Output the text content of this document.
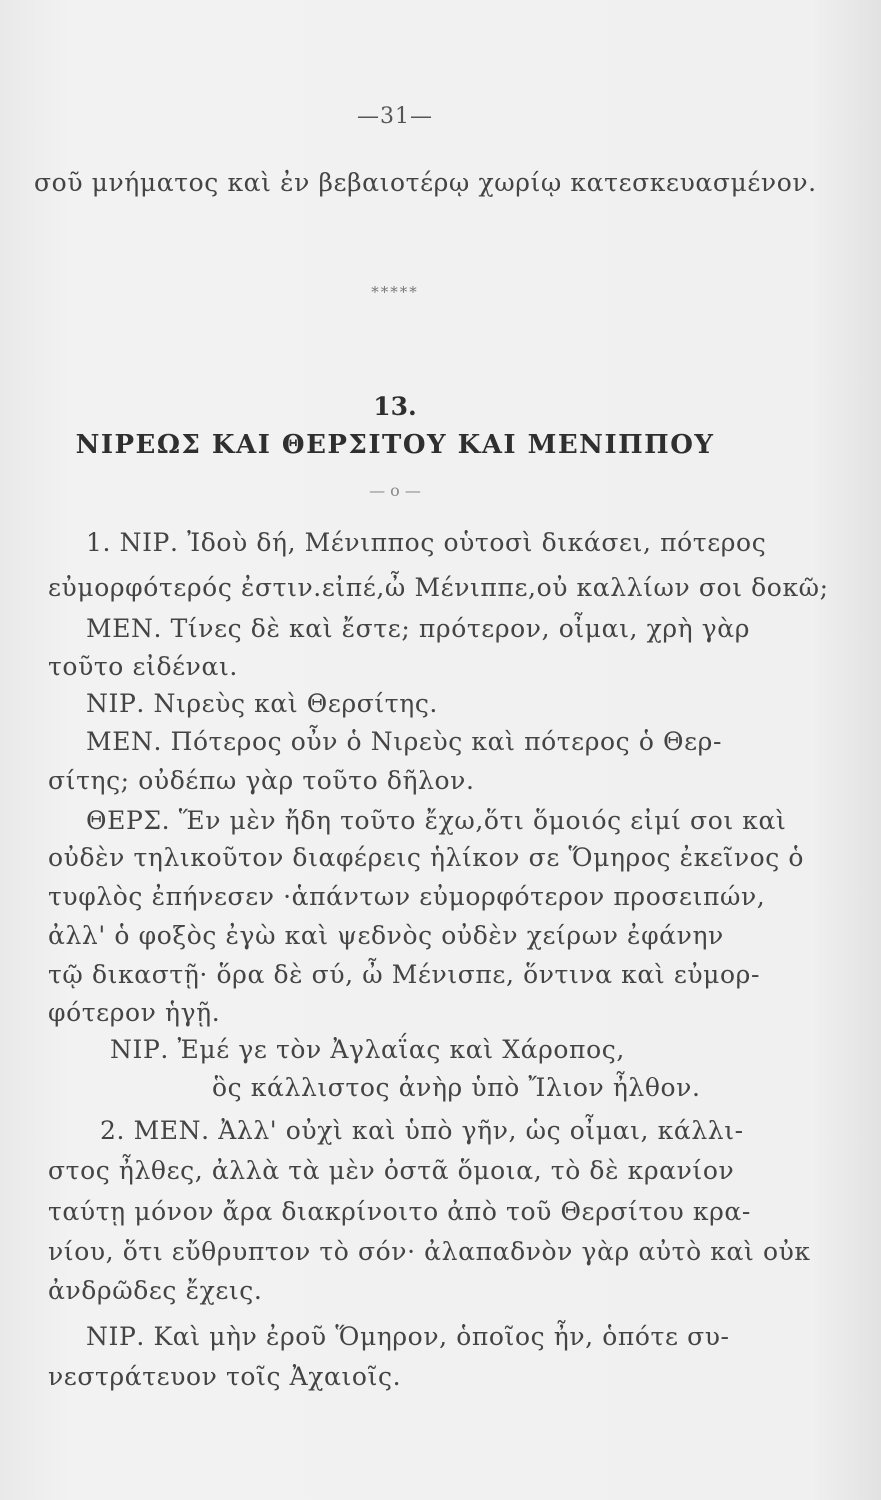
—31—
σοῦ μνήματος καὶ ἐν βεβαιοτέρῳ χωρίῳ κατεσκευασμένον.
*****
13.
ΝΙΡΕΩΣ ΚΑΙ ΘΕΡΣΙΤΟΥ ΚΑΙ ΜΕΝΙΠΠΟΥ
— ο —
1. ΝΙΡ. Ἰδοὺ δή, Μένιππος οὑτοσὶ δικάσει, πότερος
εὐμορφότερός ἐστιν.εἰπέ,ὦ Μένιππε,οὐ καλλίων σοι δοκῶ;
ΜΕΝ. Τίνες δὲ καὶ ἔστε; πρότερον, οἶμαι, χρὴ γὰρ
τοῦτο εἰδέναι.
ΝΙΡ. Νιρεὺς καὶ Θερσίτης.
ΜΕΝ. Πότερος οὖν ὁ Νιρεὺς καὶ πότερος ὁ Θερ-
σίτης; οὐδέπω γὰρ τοῦτο δῆλον.
ΘΕΡΣ. Ἕν μὲν ἤδη τοῦτο ἔχω,ὅτι ὅμοιός εἰμί σοι καὶ
οὐδὲν τηλικοῦτον διαφέρεις ἡλίκον σε Ὅμηρος ἐκεῖνος ὁ
τυφλὸς ἐπήνεσεν ·ἁπάντων εὐμορφότερον προσειπών,
ἀλλ' ὁ φοξὸς ἐγὼ καὶ ψεδνὸς οὐδὲν χείρων ἐφάνην
τῷ δικαστῇ· ὅρα δὲ σύ, ὦ Μένισπε, ὅντινα καὶ εὐμορ-
φότερον ἡγῇ.
ΝΙΡ. Ἐμέ γε τὸν Ἀγλαΐας καὶ Χάροπος,
ὃς κάλλιστος ἀνὴρ ὑπὸ Ἴλιον ἦλθον.
2. ΜΕΝ. Ἀλλ' οὐχὶ καὶ ὑπὸ γῆν, ὡς οἶμαι, κάλλι-
στος ἦλθες, ἀλλὰ τὰ μὲν ὀστᾶ ὅμοια, τὸ δὲ κρανίον
ταύτῃ μόνον ἄρα διακρίνοιτο ἀπὸ τοῦ Θερσίτου κρα-
νίου, ὅτι εὔθρυπτον τὸ σόν· ἀλαπαδνὸν γὰρ αὐτὸ καὶ οὐκ
ἀνδρῶδες ἔχεις.
ΝΙΡ. Καὶ μὴν ἐροῦ Ὅμηρον, ὁποῖος ἦν, ὁπότε συ-
νεστράτευον τοῖς Ἀχαιοῖς.
